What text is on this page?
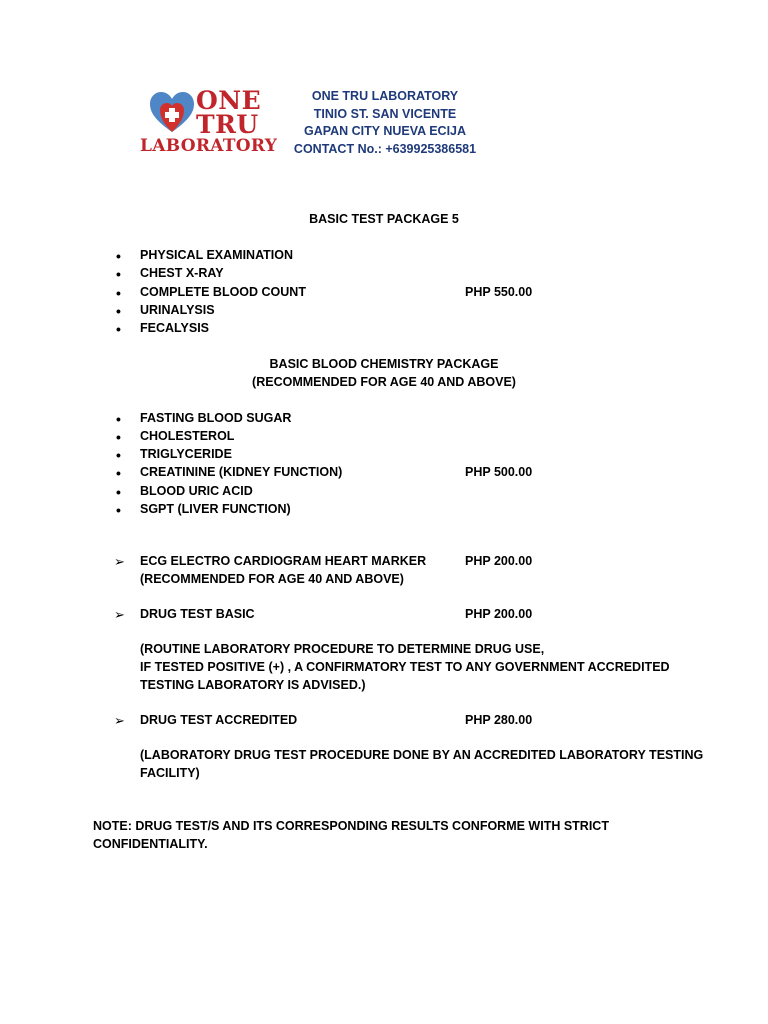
ONE
TRU
LABORATORY
ONE TRU LABORATORY
TINIO ST. SAN VICENTE
GAPAN CITY NUEVA ECIJA
CONTACT No.: +639925386581
BASIC TEST PACKAGE 5
• PHYSICAL EXAMINATION
• CHEST X-RAY
• COMPLETE BLOOD COUNT	PHP 550.00
• URINALYSIS
• FECALYSIS
BASIC BLOOD CHEMISTRY PACKAGE
(RECOMMENDED FOR AGE 40 AND ABOVE)
• FASTING BLOOD SUGAR
• CHOLESTEROL
• TRIGLYCERIDE
• CREATININE (KIDNEY FUNCTION)	PHP 500.00
• BLOOD URIC ACID
• SGPT (LIVER FUNCTION)
➢ ECG ELECTRO CARDIOGRAM HEART MARKER	PHP 200.00
(RECOMMENDED FOR AGE 40 AND ABOVE)
➢ DRUG TEST BASIC	PHP 200.00
(ROUTINE LABORATORY PROCEDURE TO DETERMINE DRUG USE,
IF TESTED POSITIVE (+) , A CONFIRMATORY TEST TO ANY GOVERNMENT ACCREDITED
TESTING LABORATORY IS ADVISED.)
➢ DRUG TEST ACCREDITED	PHP 280.00
(LABORATORY DRUG TEST PROCEDURE DONE BY AN ACCREDITED LABORATORY TESTING
FACILITY)
NOTE: DRUG TEST/S AND ITS CORRESPONDING RESULTS CONFORME WITH STRICT
CONFIDENTIALITY.
